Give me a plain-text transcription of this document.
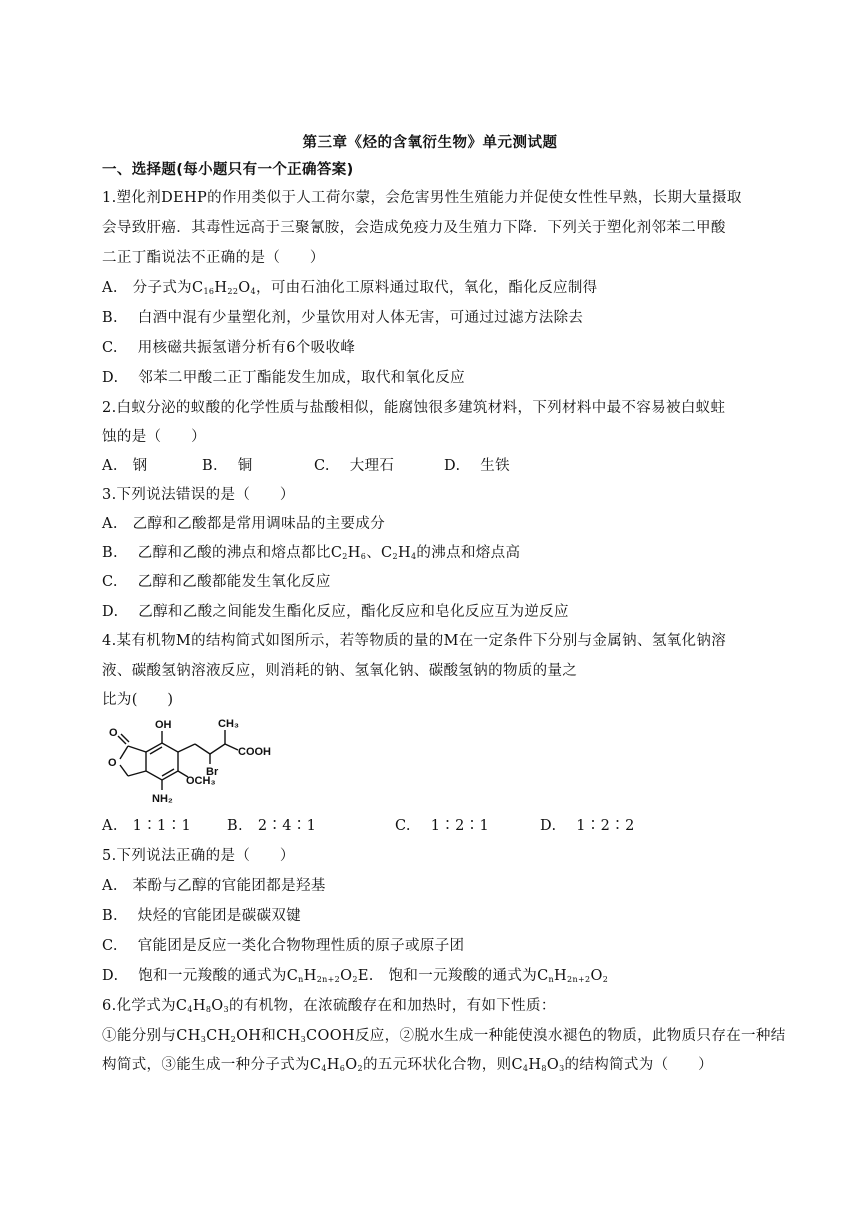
第三章《烃的含氧衍生物》单元测试题
一、选择题(每小题只有一个正确答案)
1.塑化剂DEHP的作用类似于人工荷尔蒙，会危害男性生殖能力并促使女性性早熟，长期大量摄取
会导致肝癌．其毒性远高于三聚氰胺，会造成免疫力及生殖力下降．下列关于塑化剂邻苯二甲酸
二正丁酯说法不正确的是（　　）
A.　分子式为$C_{16}H_{22}O_4$，可由石油化工原料通过取代，氧化，酯化反应制得
B.　 白酒中混有少量塑化剂，少量饮用对人体无害，可通过过滤方法除去
C.　 用核磁共振氢谱分析有6个吸收峰
D.　 邻苯二甲酸二正丁酯能发生加成，取代和氧化反应
2.白蚁分泌的蚁酸的化学性质与盐酸相似，能腐蚀很多建筑材料，下列材料中最不容易被白蚁蛀
蚀的是（　　）
A.　钢	B.　 铜	C.　 大理石	D.　 生铁
3.下列说法错误的是（　　）
A.　乙醇和乙酸都是常用调味品的主要成分
B.　 乙醇和乙酸的沸点和熔点都比$C_2H_6$、$C_2H_4$的沸点和熔点高
C.　 乙醇和乙酸都能发生氧化反应
D.　 乙醇和乙酸之间能发生酯化反应，酯化反应和皂化反应互为逆反应
4.某有机物M的结构简式如图所示，若等物质的量的M在一定条件下分别与金属钠、氢氧化钠溶
液、碳酸氢钠溶液反应，则消耗的钠、氢氧化钠、碳酸氢钠的物质的量之
比为(　　)
OH	CH₃
COOH
Br
OCH₃
NH₂
O
O
A.　1∶1∶1 B.　2∶4∶1	C.　 1∶2∶1	D.　 1∶2∶2
5.下列说法正确的是（　　）
A.　苯酚与乙醇的官能团都是羟基
B.　 炔烃的官能团是碳碳双键
C.　 官能团是反应一类化合物物理性质的原子或原子团
D.　 饱和一元羧酸的通式为$C_nH_{2n+2}O_2E$.　饱和一元羧酸的通式为$C_nH_{2n+2}O_2$
6.化学式为$C_4H_8O_3$的有机物，在浓硫酸存在和加热时，有如下性质：
①能分别与$CH_3CH_2OH$和$CH_3COOH$反应，②脱水生成一种能使溴水褪色的物质，此物质只存在一种结
构简式，③能生成一种分子式为$C_4H_6O_2$的五元环状化合物，则$C_4H_8O_3$的结构简式为（　　）
